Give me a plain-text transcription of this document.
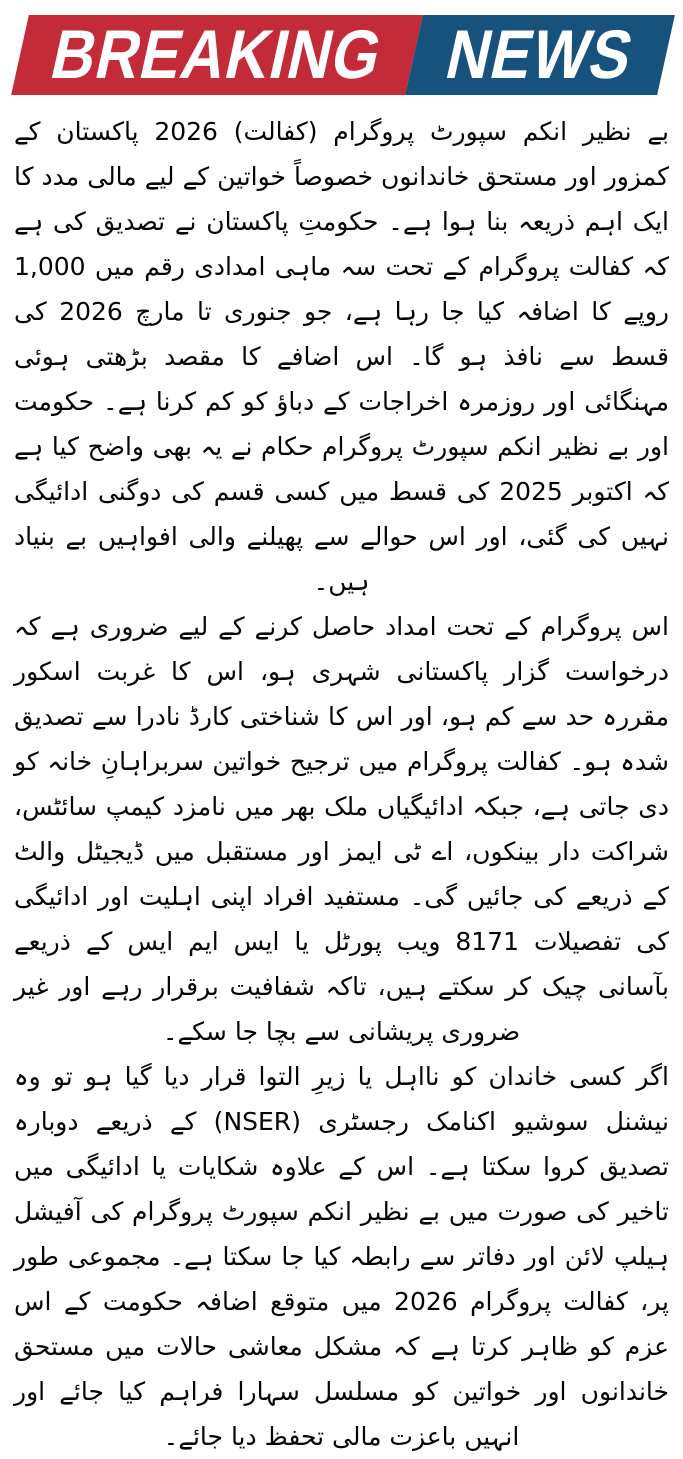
BREAKING NEWS

بے نظیر انکم سپورٹ پروگرام (کفالت) 2026 پاکستان کے کمزور اور مستحق خاندانوں خصوصاً خواتین کے لیے مالی مدد کا ایک اہم ذریعہ بنا ہوا ہے۔ حکومتِ پاکستان نے تصدیق کی ہے کہ کفالت پروگرام کے تحت سہ ماہی امدادی رقم میں 1,000 روپے کا اضافہ کیا جا رہا ہے، جو جنوری تا مارچ 2026 کی قسط سے نافذ ہو گا۔ اس اضافے کا مقصد بڑھتی ہوئی مہنگائی اور روزمرہ اخراجات کے دباؤ کو کم کرنا ہے۔ حکومت اور بے نظیر انکم سپورٹ پروگرام حکام نے یہ بھی واضح کیا ہے کہ اکتوبر 2025 کی قسط میں کسی قسم کی دوگنی ادائیگی نہیں کی گئی، اور اس حوالے سے پھیلنے والی افواہیں بے بنیاد ہیں۔

اس پروگرام کے تحت امداد حاصل کرنے کے لیے ضروری ہے کہ درخواست گزار پاکستانی شہری ہو، اس کا غربت اسکور مقررہ حد سے کم ہو، اور اس کا شناختی کارڈ نادرا سے تصدیق شدہ ہو۔ کفالت پروگرام میں ترجیح خواتین سربراہانِ خانہ کو دی جاتی ہے، جبکہ ادائیگیاں ملک بھر میں نامزد کیمپ سائٹس، شراکت دار بینکوں، اے ٹی ایمز اور مستقبل میں ڈیجیٹل والٹ کے ذریعے کی جائیں گی۔ مستفید افراد اپنی اہلیت اور ادائیگی کی تفصیلات 8171 ویب پورٹل یا ایس ایم ایس کے ذریعے بآسانی چیک کر سکتے ہیں، تاکہ شفافیت برقرار رہے اور غیر ضروری پریشانی سے بچا جا سکے۔

اگر کسی خاندان کو نااہل یا زیرِ التوا قرار دیا گیا ہو تو وہ نیشنل سوشیو اکنامک رجسٹری (NSER) کے ذریعے دوبارہ تصدیق کروا سکتا ہے۔ اس کے علاوہ شکایات یا ادائیگی میں تاخیر کی صورت میں بے نظیر انکم سپورٹ پروگرام کی آفیشل ہیلپ لائن اور دفاتر سے رابطہ کیا جا سکتا ہے۔ مجموعی طور پر، کفالت پروگرام 2026 میں متوقع اضافہ حکومت کے اس عزم کو ظاہر کرتا ہے کہ مشکل معاشی حالات میں مستحق خاندانوں اور خواتین کو مسلسل سہارا فراہم کیا جائے اور انہیں باعزت مالی تحفظ دیا جائے۔
